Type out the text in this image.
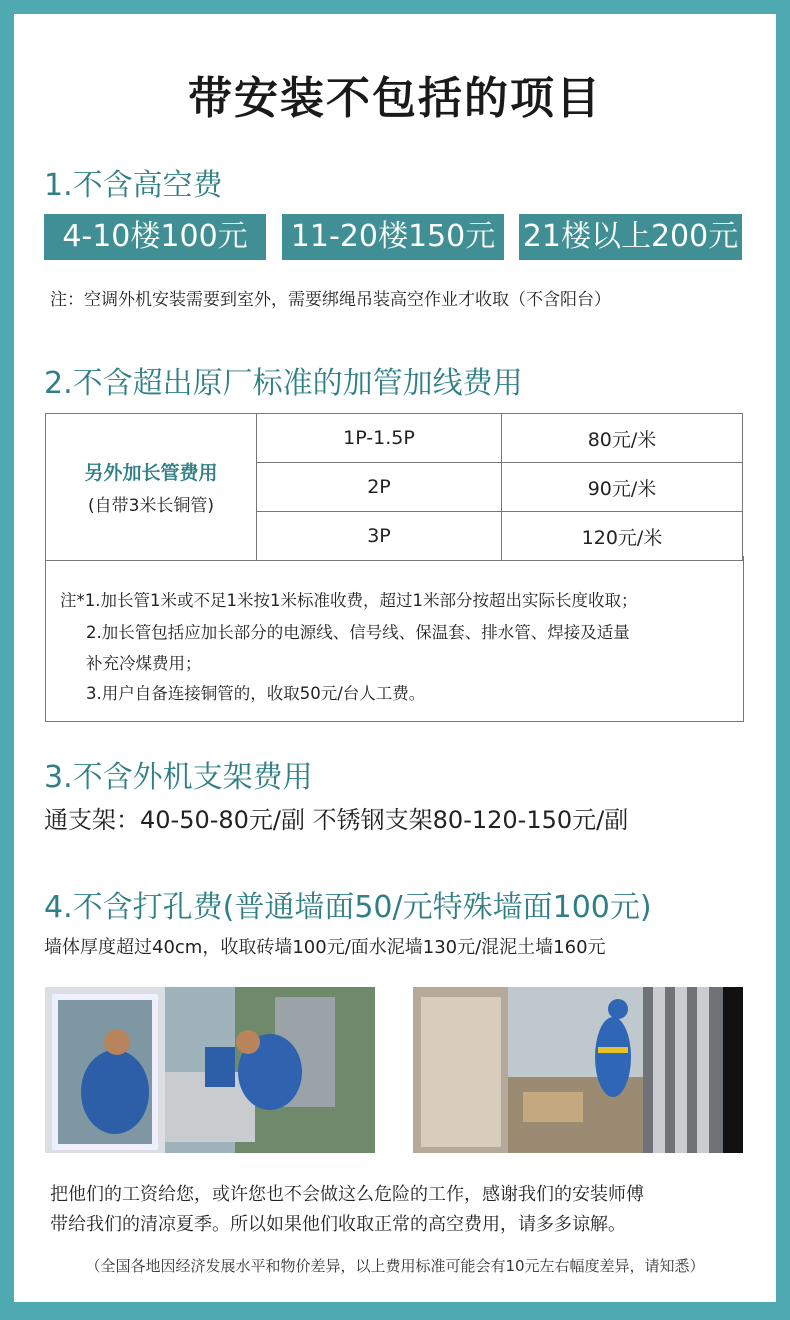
带安装不包括的项目
1.不含高空费
4-10楼100元	11-20楼150元 21楼以上200元
注：空调外机安装需要到室外，需要绑绳吊装高空作业才收取（不含阳台）
2.不含超出原厂标准的加管加线费用
另外加长管费用
(自带3米长铜管)	1P-1.5P	80元/米
	2P	90元/米
	3P	120元/米
注*1.加长管1米或不足1米按1米标准收费，超过1米部分按超出实际长度收取；
2.加长管包括应加长部分的电源线、信号线、保温套、排水管、焊接及适量
补充冷煤费用；
3.用户自备连接铜管的，收取50元/台人工费。
3.不含外机支架费用
通支架：40-50-80元/副 不锈钢支架80-120-150元/副
4.不含打孔费(普通墙面50/元特殊墙面100元)
墙体厚度超过40cm，收取砖墙100元/面水泥墙130元/混泥土墙160元
把他们的工资给您，或许您也不会做这么危险的工作，感谢我们的安装师傅
带给我们的清凉夏季。所以如果他们收取正常的高空费用，请多多谅解。
（全国各地因经济发展水平和物价差异，以上费用标准可能会有10元左右幅度差异，请知悉）
